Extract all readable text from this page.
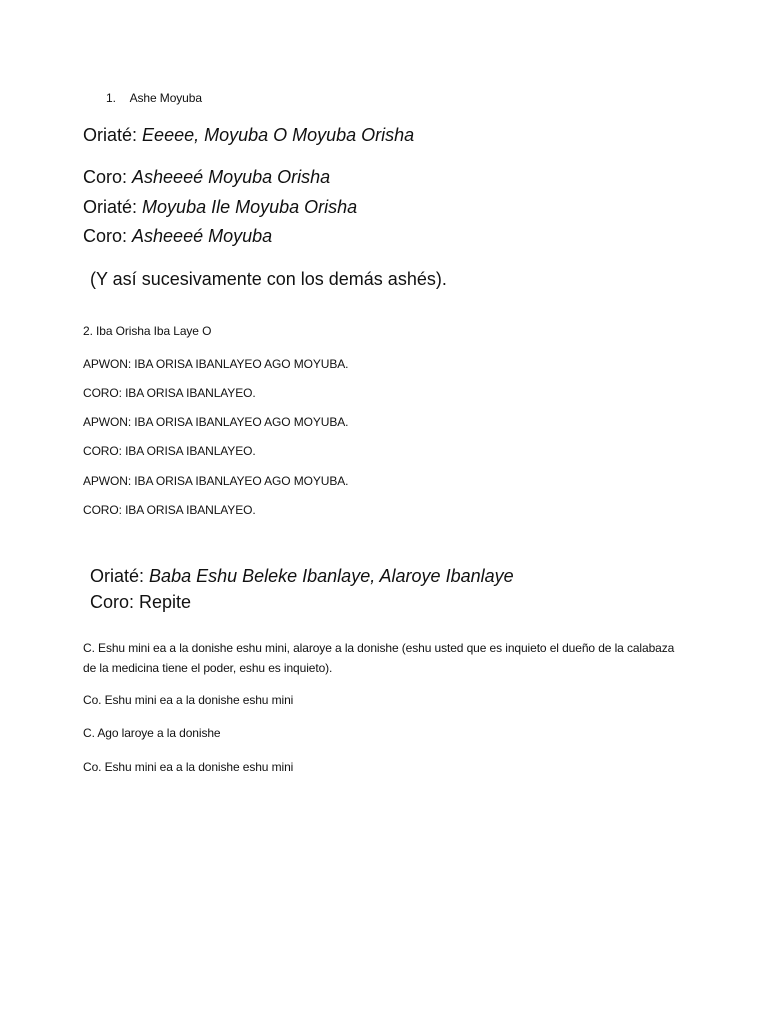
1. Ashe Moyuba
Oriaté: Eeeee, Moyuba O Moyuba Orisha
Coro: Asheeeé Moyuba Orisha
Oriaté: Moyuba Ile Moyuba Orisha
Coro: Asheeeé Moyuba
(Y así sucesivamente con los demás ashés).
2. Iba Orisha Iba Laye O
APWON: IBA ORISA IBANLAYEO AGO MOYUBA.
CORO: IBA ORISA IBANLAYEO.
APWON: IBA ORISA IBANLAYEO AGO MOYUBA.
CORO: IBA ORISA IBANLAYEO.
APWON: IBA ORISA IBANLAYEO AGO MOYUBA.
CORO: IBA ORISA IBANLAYEO.
Oriaté: Baba Eshu Beleke Ibanlaye, Alaroye Ibanlaye
Coro: Repite
C. Eshu mini ea a la donishe eshu mini, alaroye a la donishe (eshu usted que es inquieto el dueño de la calabaza de la medicina tiene el poder, eshu es inquieto).
Co. Eshu mini ea a la donishe eshu mini
C. Ago laroye a la donishe
Co. Eshu mini ea a la donishe eshu mini
